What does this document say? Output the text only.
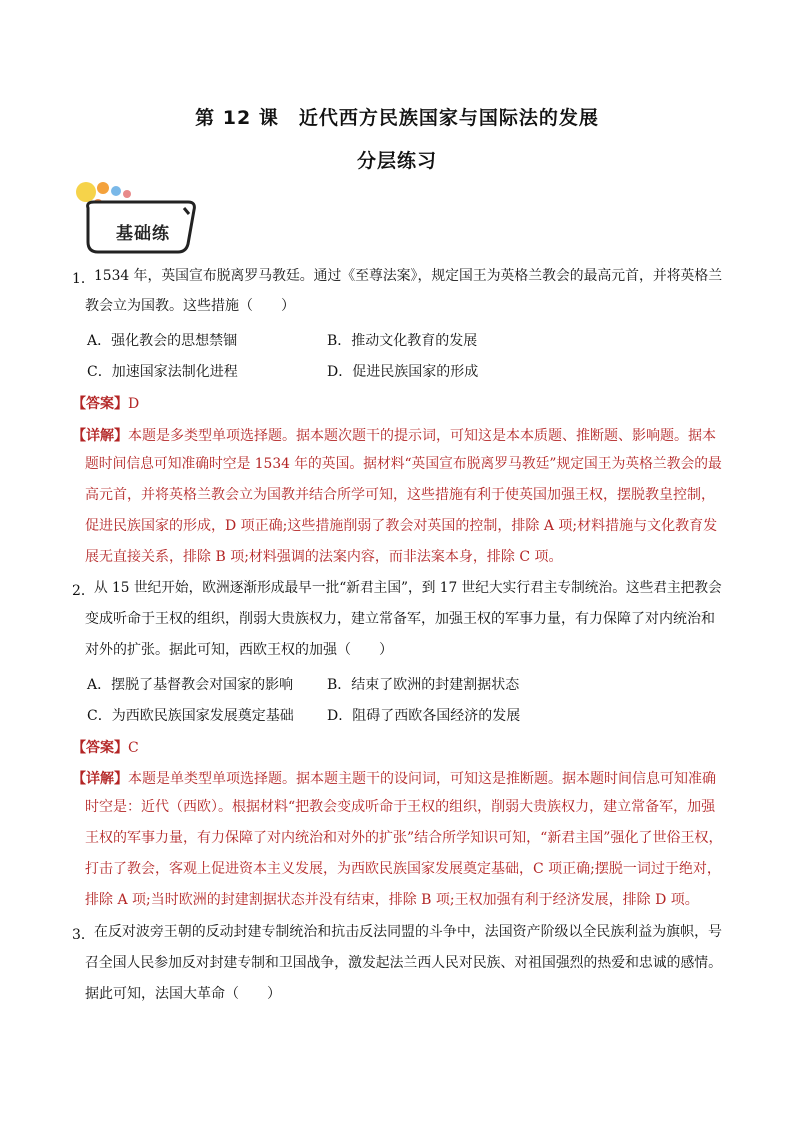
第 12 课　近代西方民族国家与国际法的发展
分层练习
基础练
1． 1534 年，英国宣布脱离罗马教廷。通过《至尊法案》，规定国王为英格兰教会的最高元首，并将英格兰
教会立为国教。这些措施（　　）
A．强化教会的思想禁锢	B．推动文化教育的发展
C．加速国家法制化进程	D．促进民族国家的形成
【答案】D
【详解】本题是多类型单项选择题。据本题次题干的提示词，可知这是本本质题、推断题、影响题。据本
题时间信息可知准确时空是 1534 年的英国。据材料“英国宣布脱离罗马教廷”规定国王为英格兰教会的最
高元首，并将英格兰教会立为国教并结合所学可知，这些措施有利于使英国加强王权，摆脱教皇控制，
促进民族国家的形成，D 项正确;这些措施削弱了教会对英国的控制，排除 A 项;材料措施与文化教育发
展无直接关系，排除 B 项;材料强调的法案内容，而非法案本身，排除 C 项。
2． 从 15 世纪开始，欧洲逐渐形成最早一批“新君主国”，到 17 世纪大实行君主专制统治。这些君主把教会
变成听命于王权的组织，削弱大贵族权力，建立常备军，加强王权的军事力量，有力保障了对内统治和
对外的扩张。据此可知，西欧王权的加强（　　）
A．摆脱了基督教会对国家的影响 B．结束了欧洲的封建割据状态
C．为西欧民族国家发展奠定基础 D．阻碍了西欧各国经济的发展
【答案】C
【详解】本题是单类型单项选择题。据本题主题干的设问词，可知这是推断题。据本题时间信息可知准确
时空是：近代（西欧）。根据材料“把教会变成听命于王权的组织，削弱大贵族权力，建立常备军，加强
王权的军事力量，有力保障了对内统治和对外的扩张”结合所学知识可知，“新君主国”强化了世俗王权，
打击了教会，客观上促进资本主义发展，为西欧民族国家发展奠定基础，C 项正确;摆脱一词过于绝对，
排除 A 项;当时欧洲的封建割据状态并没有结束，排除 B 项;王权加强有利于经济发展，排除 D 项。
3． 在反对波旁王朝的反动封建专制统治和抗击反法同盟的斗争中，法国资产阶级以全民族利益为旗帜，号
召全国人民参加反对封建专制和卫国战争，激发起法兰西人民对民族、对祖国强烈的热爱和忠诚的感情。
据此可知，法国大革命（　　）
